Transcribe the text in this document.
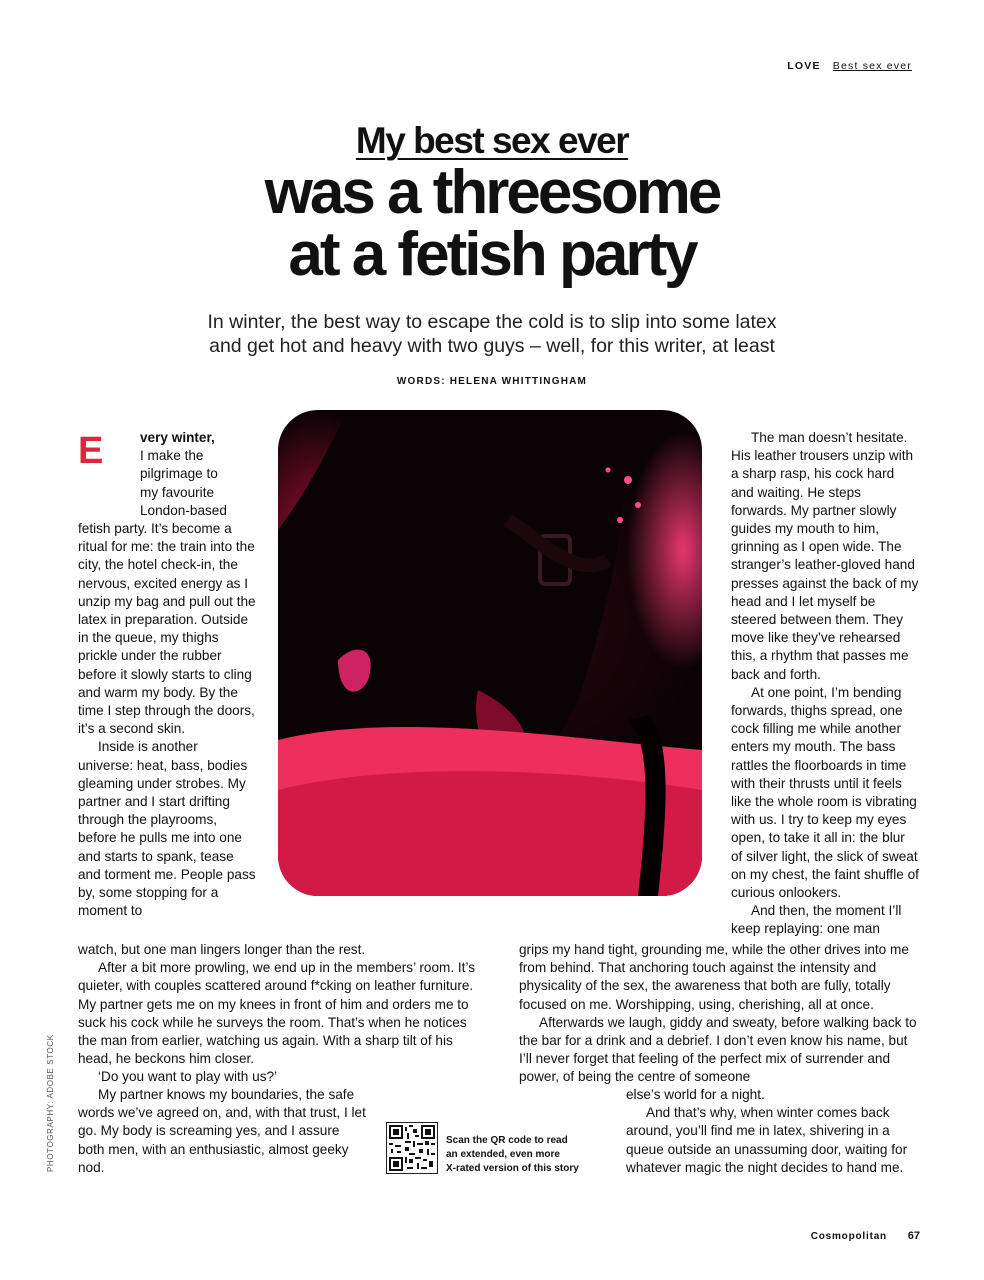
LOVE Best sex ever
My best sex ever
was a threesome
at a fetish party
In winter, the best way to escape the cold is to slip into some latex
and get hot and heavy with two guys – well, for this writer, at least
WORDS: HELENA WHITTINGHAM
E	very winter,
I make the
pilgrimage to
my favourite
London-based

fetish party. It’s become a ritual for me: the train into the city, the hotel check-in, the nervous, excited energy as I unzip my bag and pull out the latex in preparation. Outside in the queue, my thighs prickle under the rubber before it slowly starts to cling and warm my body. By the time I step through the doors, it’s a second skin.

Inside is another universe: heat, bass, bodies gleaming under strobes. My partner and I start drifting through the playrooms, before he pulls me into one and starts to spank, tease and torment me. People pass by, some stopping for a moment to

watch, but one man lingers longer than the rest.

After a bit more prowling, we end up in the members’ room. It’s quieter, with couples scattered around f*cking on leather furniture. My partner gets me on my knees in front of him and orders me to suck his cock while he surveys the room. That’s when he notices the man from earlier, watching us again. With a sharp tilt of his head, he beckons him closer.

‘Do you want to play with us?’

My partner knows my boundaries, the safe words we’ve agreed on, and, with that trust, I let go. My body is screaming yes, and I assure both men, with an enthusiastic, almost geeky nod.

The man doesn’t hesitate. His leather trousers unzip with a sharp rasp, his cock hard and waiting. He steps forwards. My partner slowly guides my mouth to him, grinning as I open wide. The stranger’s leather-gloved hand presses against the back of my head and I let myself be steered between them. They move like they’ve rehearsed this, a rhythm that passes me back and forth.

At one point, I’m bending forwards, thighs spread, one cock filling me while another enters my mouth. The bass rattles the floorboards in time with their thrusts until it feels like the whole room is vibrating with us. I try to keep my eyes open, to take it all in: the blur of silver light, the slick of sweat on my chest, the faint shuffle of curious onlookers.

And then, the moment I’ll keep replaying: one man

grips my hand tight, grounding me, while the other drives into me from behind. That anchoring touch against the intensity and physicality of the sex, the awareness that both are fully, totally focused on me. Worshipping, using, cherishing, all at once.

Afterwards we laugh, giddy and sweaty, before walking back to the bar for a drink and a debrief. I don’t even know his name, but I’ll never forget that feeling of the perfect mix of surrender and power, of being the centre of someone

else’s world for a night.

And that’s why, when winter comes back around, you’ll find me in latex, shivering in a queue outside an unassuming door, waiting for whatever magic the night decides to hand me.

Scan the QR code to read
an extended, even more
X-rated version of this story
PHOTOGRAPHY: ADOBE STOCK
Cosmopolitan 67
